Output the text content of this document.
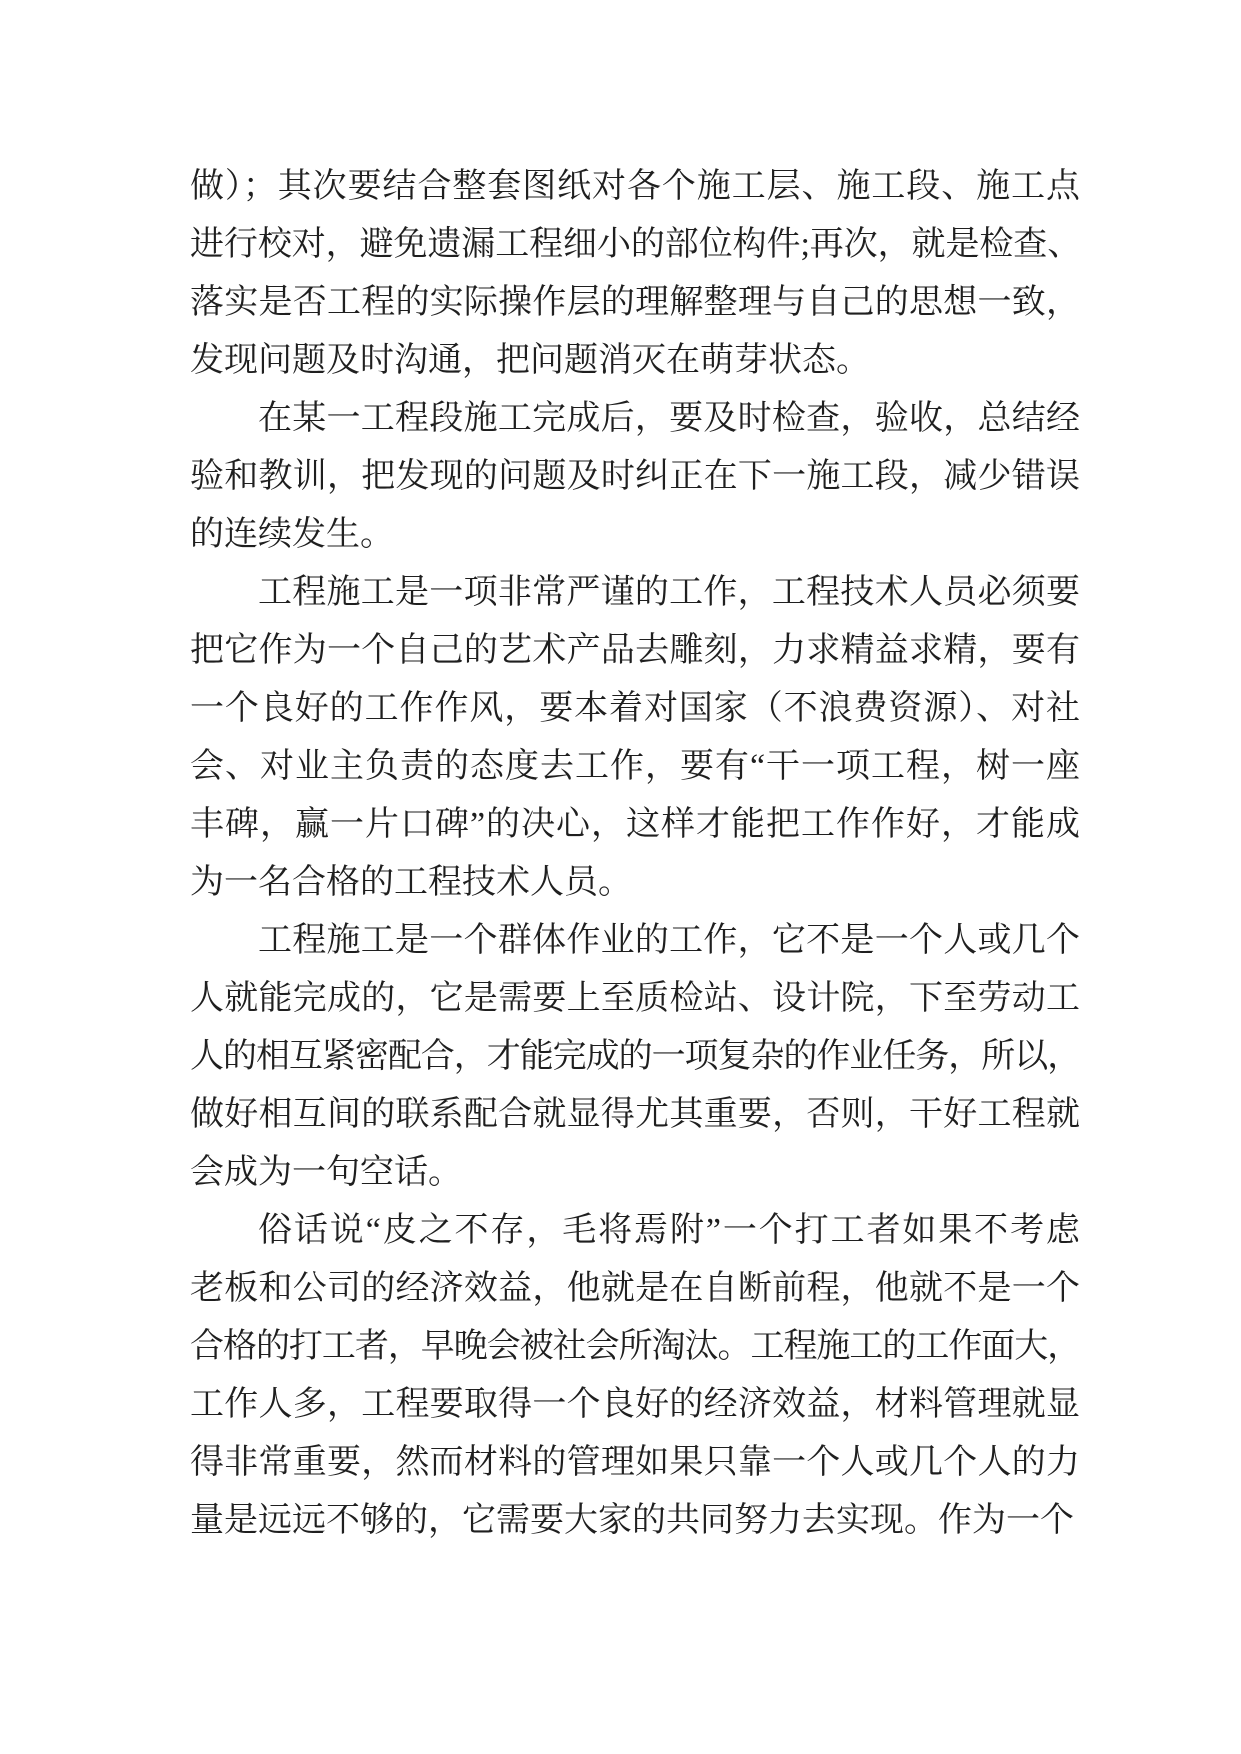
做）；其次要结合整套图纸对各个施工层、施工段、施工点
进行校对，避免遗漏工程细小的部位构件;再次，就是检查、
落实是否工程的实际操作层的理解整理与自己的思想一致，
发现问题及时沟通，把问题消灭在萌芽状态。
在某一工程段施工完成后，要及时检查，验收，总结经
验和教训，把发现的问题及时纠正在下一施工段，减少错误
的连续发生。
工程施工是一项非常严谨的工作，工程技术人员必须要
把它作为一个自己的艺术产品去雕刻，力求精益求精，要有
一个良好的工作作风，要本着对国家（不浪费资源）、对社
会、对业主负责的态度去工作，要有“干一项工程，树一座
丰碑，赢一片口碑”的决心，这样才能把工作作好，才能成
为一名合格的工程技术人员。
工程施工是一个群体作业的工作，它不是一个人或几个
人就能完成的，它是需要上至质检站、设计院，下至劳动工
人的相互紧密配合，才能完成的一项复杂的作业任务，所以，
做好相互间的联系配合就显得尤其重要，否则，干好工程就
会成为一句空话。
俗话说“皮之不存，毛将焉附”一个打工者如果不考虑
老板和公司的经济效益，他就是在自断前程，他就不是一个
合格的打工者，早晚会被社会所淘汰。工程施工的工作面大，
工作人多，工程要取得一个良好的经济效益，材料管理就显
得非常重要，然而材料的管理如果只靠一个人或几个人的力
量是远远不够的，它需要大家的共同努力去实现。作为一个
